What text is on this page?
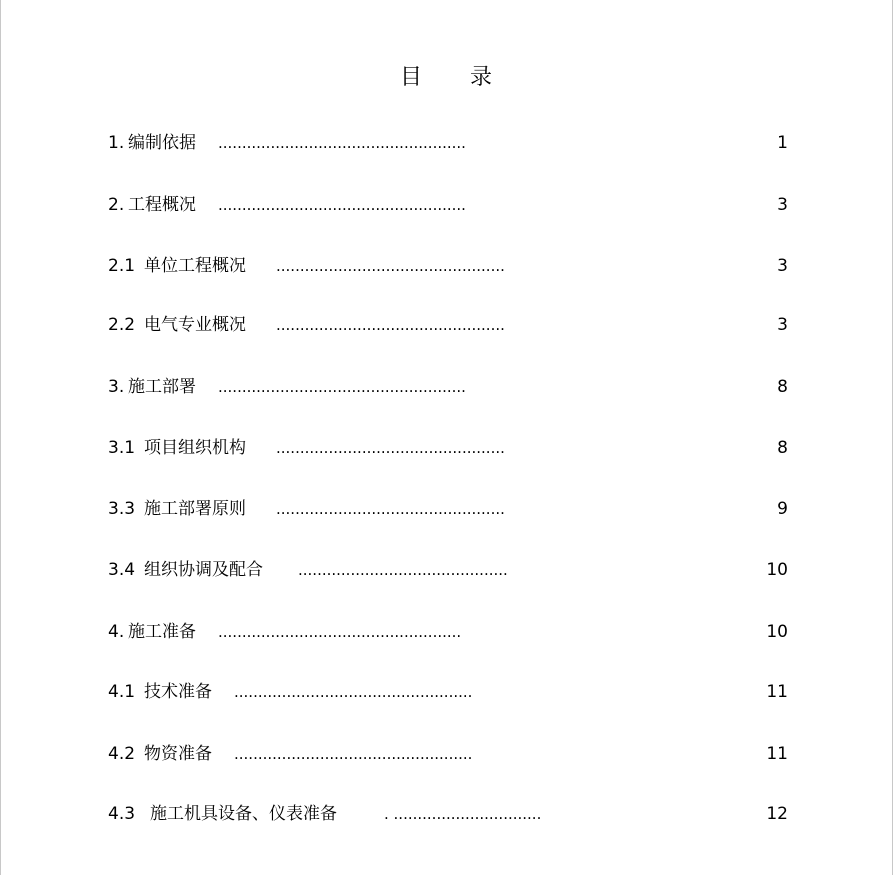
目 录
1. 编制依据 ....................................................	1
2. 工程概况 ....................................................	3
2.1 单位工程概况 ................................................	3
2.2 电气专业概况 ................................................	3
3. 施工部署 ....................................................	8
3.1 项目组织机构 ................................................	8
3.3 施工部署原则 ................................................	9
3.4 组织协调及配合 ............................................	10
4. 施工准备 ...................................................	10
4.1 技术准备 ..................................................	11
4.2 物资准备 ..................................................	11
4.3 施工机具设备、仪表准备	. ...............................	12
